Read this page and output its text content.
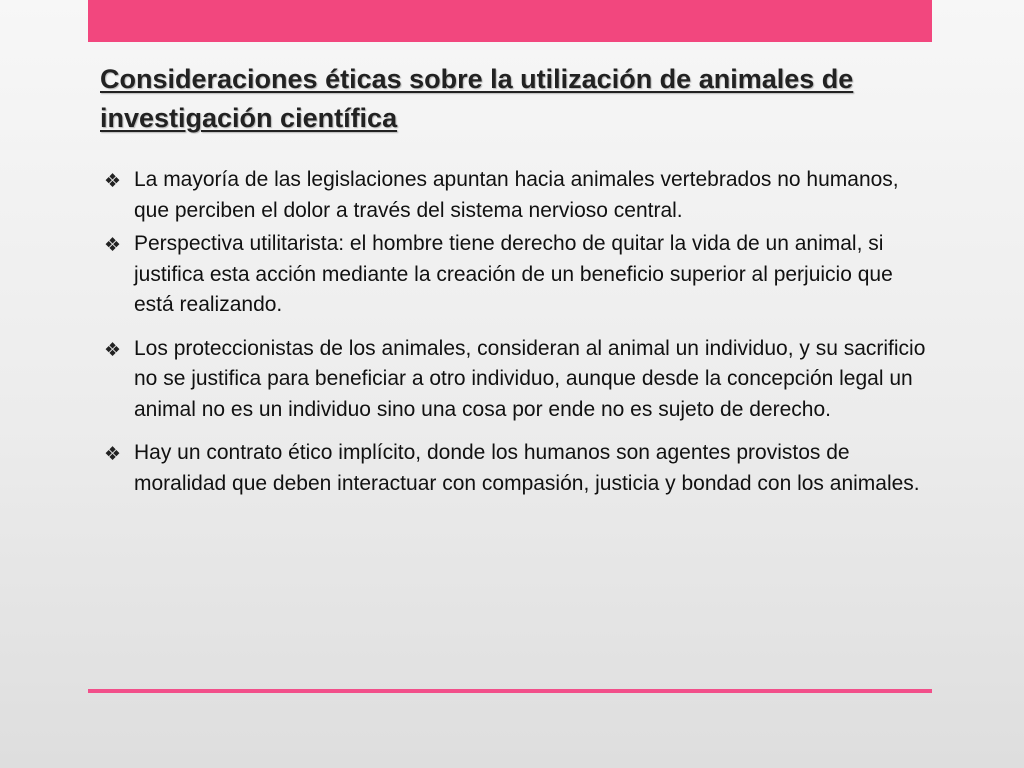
Consideraciones éticas sobre la utilización de animales de investigación científica
❖ La mayoría de las legislaciones apuntan hacia animales vertebrados no humanos, que perciben el dolor a través del sistema nervioso central.
❖ Perspectiva utilitarista: el hombre tiene derecho de quitar la vida de un animal, si justifica esta acción mediante la creación de un beneficio superior al perjuicio que está realizando.
❖ Los proteccionistas de los animales, consideran al animal un individuo, y su sacrificio no se justifica para beneficiar a otro individuo, aunque desde la concepción legal un animal no es un individuo sino una cosa por ende no es sujeto de derecho.
❖ Hay un contrato ético implícito, donde los humanos son agentes provistos de moralidad que deben interactuar con compasión, justicia y bondad con los animales.
